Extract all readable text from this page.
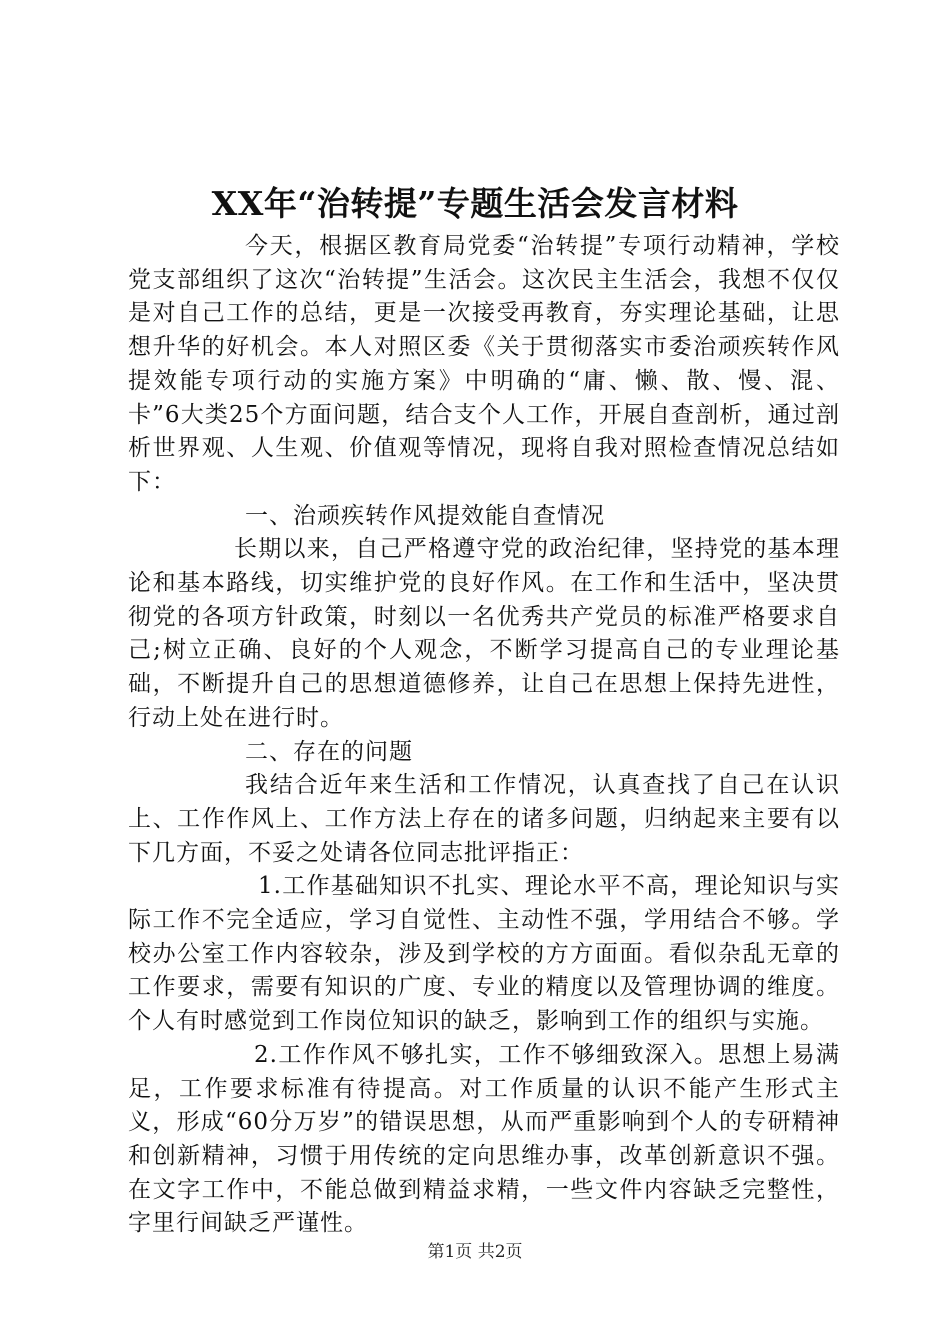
XX年“治转提”专题生活会发言材料

今天，根据区教育局党委“治转提”专项行动精神，学校党支部组织了这次“治转提”生活会。这次民主生活会，我想不仅仅是对自己工作的总结，更是一次接受再教育，夯实理论基础，让思想升华的好机会。本人对照区委《关于贯彻落实市委治顽疾转作风提效能专项行动的实施方案》中明确的“庸、懒、散、慢、混、卡”6大类25个方面问题，结合支个人工作，开展自查剖析，通过剖析世界观、人生观、价值观等情况，现将自我对照检查情况总结如下：

一、治顽疾转作风提效能自查情况

长期以来，自己严格遵守党的政治纪律，坚持党的基本理论和基本路线，切实维护党的良好作风。在工作和生活中，坚决贯彻党的各项方针政策，时刻以一名优秀共产党员的标准严格要求自己;树立正确、良好的个人观念，不断学习提高自己的专业理论基础，不断提升自己的思想道德修养，让自己在思想上保持先进性，行动上处在进行时。

二、存在的问题

我结合近年来生活和工作情况，认真查找了自己在认识上、工作作风上、工作方法上存在的诸多问题，归纳起来主要有以下几方面，不妥之处请各位同志批评指正：

1.工作基础知识不扎实、理论水平不高，理论知识与实际工作不完全适应，学习自觉性、主动性不强，学用结合不够。学校办公室工作内容较杂，涉及到学校的方方面面。看似杂乱无章的工作要求，需要有知识的广度、专业的精度以及管理协调的维度。个人有时感觉到工作岗位知识的缺乏，影响到工作的组织与实施。

2.工作作风不够扎实，工作不够细致深入。思想上易满足，工作要求标准有待提高。对工作质量的认识不能产生形式主义，形成“60分万岁”的错误思想，从而严重影响到个人的专研精神和创新精神，习惯于用传统的定向思维办事，改革创新意识不强。在文字工作中，不能总做到精益求精，一些文件内容缺乏完整性，字里行间缺乏严谨性。

第1页 共2页
